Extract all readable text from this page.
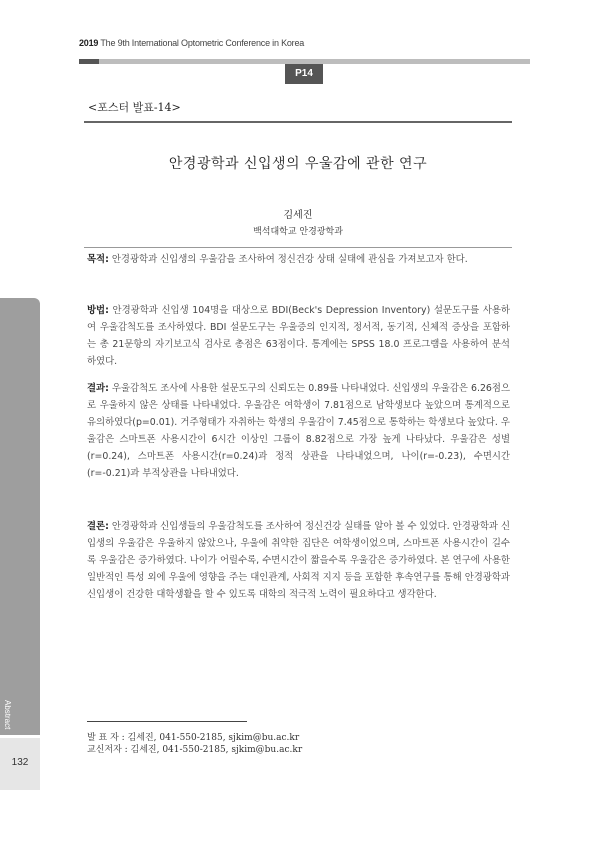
2019 The 9th International Optometric Conference in Korea
P14
<포스터 발표-14>
안경광학과 신입생의 우울감에 관한 연구
김세진
백석대학교 안경광학과

목적: 안경광학과 신입생의 우울감을 조사하여 정신건강 상태 실태에 관심을 가져보고자 한다.

방법: 안경광학과 신입생 104명을 대상으로 BDI(Beck's Depression Inventory) 설문도구를 사용하여 우울감척도를 조사하였다. BDI 설문도구는 우울증의 인지적, 정서적, 동기적, 신체적 증상을 포함하는 총 21문항의 자기보고식 검사로 총점은 63점이다. 통계에는 SPSS 18.0 프로그램을 사용하여 분석하였다.

결과: 우울감척도 조사에 사용한 설문도구의 신뢰도는 0.89를 나타내었다. 신입생의 우울감은 6.26점으로 우울하지 않은 상태를 나타내었다. 우울감은 여학생이 7.81점으로 남학생보다 높았으며 통계적으로 유의하였다(p=0.01). 거주형태가 자취하는 학생의 우울감이 7.45점으로 통학하는 학생보다 높았다. 우울감은 스마트폰 사용시간이 6시간 이상인 그룹이 8.82점으로 가장 높게 나타났다. 우울감은 성별(r=0.24), 스마트폰 사용시간(r=0.24)과 정적 상관을 나타내었으며, 나이(r=-0.23), 수면시간(r=-0.21)과 부적상관을 나타내었다.

결론: 안경광학과 신입생들의 우울감척도를 조사하여 정신건강 실태를 알아 볼 수 있었다. 안경광학과 신입생의 우울감은 우울하지 않았으나, 우울에 취약한 집단은 여학생이었으며, 스마트폰 사용시간이 길수록 우울감은 증가하였다. 나이가 어릴수록, 수면시간이 짧을수록 우울감은 증가하였다. 본 연구에 사용한 일반적인 특성 외에 우울에 영향을 주는 대인관계, 사회적 지지 등을 포함한 후속연구를 통해 안경광학과 신입생이 건강한 대학생활을 할 수 있도록 대학의 적극적 노력이 필요하다고 생각한다.

Abstract
132
발 표 자 : 김세진, 041-550-2185, sjkim@bu.ac.kr
교신저자 : 김세진, 041-550-2185, sjkim@bu.ac.kr
